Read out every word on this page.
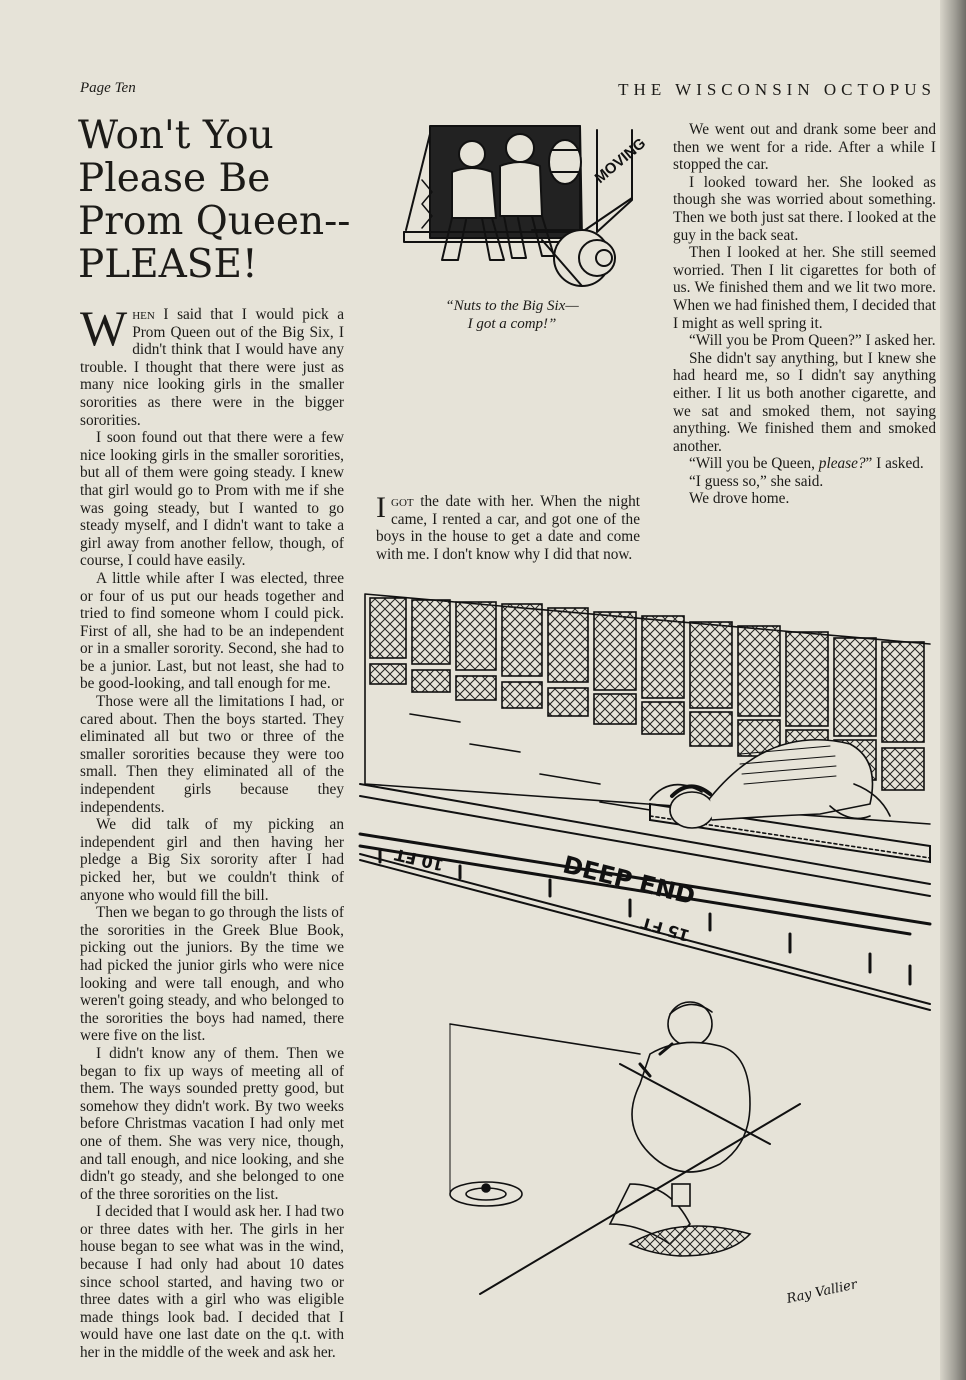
Page Ten	THE WISCONSIN OCTOPUS
Won't You
Please Be
Prom Queen--
PLEASE!
MOVING
“Nuts to the Big Six—
I got a comp!”

When I said that I would pick a Prom Queen out of the Big Six, I didn't think that I would have any trouble. I thought that there were just as many nice looking girls in the smaller sororities as there were in the bigger sororities.

I soon found out that there were a few nice looking girls in the smaller sororities, but all of them were going steady. I knew that girl would go to Prom with me if she was going steady, but I wanted to go steady myself, and I didn't want to take a girl away from another fellow, though, of course, I could have easily.

A little while after I was elected, three or four of us put our heads together and tried to find someone whom I could pick. First of all, she had to be an independent or in a smaller sorority. Second, she had to be a junior. Last, but not least, she had to be good-looking, and tall enough for me.

Those were all the limitations I had, or cared about. Then the boys started. They eliminated all but two or three of the smaller sororities because they were too small. Then they eliminated all of the independent girls because they independents.

We did talk of my picking an independent girl and then having her pledge a Big Six sorority after I had picked her, but we couldn't think of anyone who would fill the bill.

Then we began to go through the lists of the sororities in the Greek Blue Book, picking out the juniors. By the time we had picked the junior girls who were nice looking and were tall enough, and who weren't going steady, and who belonged to the sororities the boys had named, there were five on the list.

I didn't know any of them. Then we began to fix up ways of meeting all of them. The ways sounded pretty good, but somehow they didn't work. By two weeks before Christmas vacation I had only met one of them. She was very nice, though, and tall enough, and nice looking, and she didn't go steady, and she belonged to one of the three sororities on the list.

I decided that I would ask her. I had two or three dates with her. The girls in her house began to see what was in the wind, because I had only had about 10 dates since school started, and having two or three dates with a girl who was eligible made things look bad. I decided that I would have one last date on the q.t. with her in the middle of the week and ask her.

I got the date with her. When the night came, I rented a car, and got one of the boys in the house to get a date and come with me. I don't know why I did that now.

We went out and drank some beer and then we went for a ride. After a while I stopped the car.

I looked toward her. She looked as though she was worried about something. Then we both just sat there. I looked at the guy in the back seat.

Then I looked at her. She still seemed worried. Then I lit cigarettes for both of us. We finished them and we lit two more. When we had finished them, I decided that I might as well spring it.

“Will you be Prom Queen?” I asked her.

She didn't say anything, but I knew she had heard me, so I didn't say anything either. I lit us both another cigarette, and we sat and smoked them, not saying anything. We finished them and smoked another.

“Will you be Queen, please?” I asked.

“I guess so,” she said.

We drove home.

DEEP END
10 FT
15 FT
Ray Vallier
